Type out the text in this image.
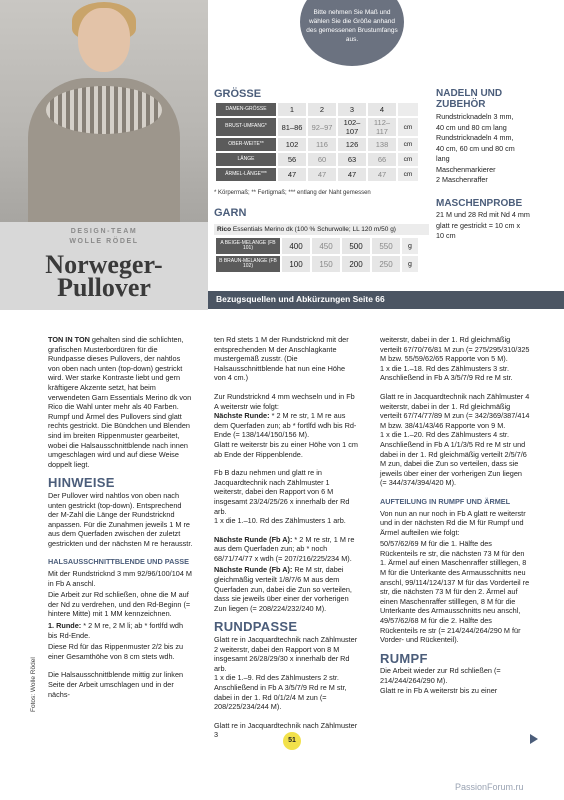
DESIGN-TEAM
WOLLE RÖDEL
Norweger-
Pullover
Bitte nehmen Sie Maß und wählen Sie die Größe anhand des gemessenen Brustumfangs aus.
GRÖSSE
DAMEN-GRÖSSE	1	2	3	4	
BRUST-UMFANG*	81–86	92–97	102–107	112–117	cm
OBER-WEITE**	102	116	126	138	cm
LÄNGE	56	60	63	66	cm
ÄRMEL-LÄNGE***	47	47	47	47	cm
* Körpermaß; ** Fertigmaß; *** entlang der Naht gemessen
GARN
Rico Essentials Merino dk (100 % Schurwolle; LL 120 m/50 g)
A BEIGE-MELANGE (FB 101)	400	450	500	550	g
B BRAUN-MELANGE (FB 102)	100	150	200	250	g
NADELN UND
ZUBEHÖR
Rundstricknadeln 3 mm,
40 cm und 80 cm lang
Rundstricknadeln 4 mm,
40 cm, 60 cm und 80 cm
lang
Maschenmarkierer
2 Maschenraffer
MASCHENPROBE
21 M und 28 Rd mit Nd 4 mm
glatt re gestrickt = 10 cm x
10 cm
Bezugsquellen und Abkürzungen Seite 66

TON IN TON gehalten sind die schlichten, grafischen Musterbordüren für die Rundpasse dieses Pullovers, der nahtlos von oben nach unten (top-down) gestrickt wird. Wer starke Kontraste liebt und gern kräftigere Akzente setzt, hat beim verwendeten Garn Essentials Merino dk von Rico die Wahl unter mehr als 40 Farben. Rumpf und Ärmel des Pullovers sind glatt rechts gestrickt. Die Bündchen und Blenden sind im breiten Rippenmuster gearbeitet, wobei die Halsausschnittblende nach innen umgeschlagen wird und auf diese Weise doppelt liegt.

HINWEISE

Der Pullover wird nahtlos von oben nach unten gestrickt (top-down). Entsprechend der M-Zahl die Länge der Rundstricknd anpassen. Für die Zunahmen jeweils 1 M re aus dem Querfaden zwischen der zuletzt gestrickten und der nächsten M re herausstr.

HALSAUSSCHNITTBLENDE UND PASSE

Mit der Rundstricknd 3 mm 92/96/100/104 M in Fb A anschl.

Die Arbeit zur Rd schließen, ohne die M auf der Nd zu verdrehen, und den Rd-Beginn (= hintere Mitte) mit 1 MM kennzeichnen.

1. Runde: * 2 M re, 2 M li; ab * fortlfd wdh bis Rd-Ende.

Diese Rd für das Rippenmuster 2/2 bis zu einer Gesamthöhe von 8 cm stets wdh.

Die Halsausschnittblende mittig zur linken Seite der Arbeit umschlagen und in der nächs-

ten Rd stets 1 M der Rundstricknd mit der entsprechenden M der Anschlagkante mustergemäß zusstr. (Die Halsausschnittblende hat nun eine Höhe von 4 cm.)

Zur Rundstricknd 4 mm wechseln und in Fb A weiterstr wie folgt:
Nächste Runde: * 2 M re str, 1 M re aus dem Querfaden zun; ab * fortlfd wdh bis Rd-Ende (= 138/144/150/156 M).
Glatt re weiterstr bis zu einer Höhe von 1 cm ab Ende der Rippenblende.

Fb B dazu nehmen und glatt re in Jacquardtechnik nach Zählmuster 1 weiterstr, dabei den Rapport von 6 M insgesamt 23/24/25/26 x innerhalb der Rd arb.
1 x die 1.–10. Rd des Zählmusters 1 arb.

Nächste Runde (Fb A): * 2 M re str, 1 M re aus dem Querfaden zun; ab * noch 68/71/74/77 x wdh (= 207/216/225/234 M).

Nächste Runde (Fb A): Re M str, dabei gleichmäßig verteilt 1/8/7/6 M aus dem Querfaden zun, dabei die Zun so verteilen, dass sie jeweils über einer der vorherigen Zun liegen (= 208/224/232/240 M).

RUNDPASSE

Glatt re in Jacquardtechnik nach Zählmuster 2 weiterstr, dabei den Rapport von 8 M insgesamt 26/28/29/30 x innerhalb der Rd arb.
1 x die 1.–9. Rd des Zählmusters 2 str.
Anschließend in Fb A 3/5/7/9 Rd re M str, dabei in der 1. Rd 0/1/2/4 M zun (= 208/225/234/244 M).

Glatt re in Jacquardtechnik nach Zählmuster 3

weiterstr, dabei in der 1. Rd gleichmäßig verteilt 67/70/76/81 M zun (= 275/295/310/325 M bzw. 55/59/62/65 Rapporte von 5 M).
1 x die 1.–18. Rd des Zählmusters 3 str. Anschließend in Fb A 3/5/7/9 Rd re M str.

Glatt re in Jacquardtechnik nach Zählmuster 4 weiterstr, dabei in der 1. Rd gleichmäßig verteilt 67/74/77/89 M zun (= 342/369/387/414 M bzw. 38/41/43/46 Rapporte von 9 M.
1 x die 1.–20. Rd des Zählmusters 4 str. Anschließend in Fb A 1/1/3/5 Rd re M str und dabei in der 1. Rd gleichmäßig verteilt 2/5/7/6 M zun, dabei die Zun so verteilen, dass sie jeweils über einer der vorherigen Zun liegen (= 344/374/394/420 M).

AUFTEILUNG IN RUMPF UND ÄRMEL

Von nun an nur noch in Fb A glatt re weiterstr und in der nächsten Rd die M für Rumpf und Ärmel aufteilen wie folgt:

50/57/62/69 M für die 1. Hälfte des Rückenteils re str, die nächsten 73 M für den 1. Ärmel auf einen Maschenraffer stilllegen, 8 M für die Unterkante des Armausschnitts neu anschl, 99/114/124/137 M für das Vorderteil re str, die nächsten 73 M für den 2. Ärmel auf einen Maschenraffer stilllegen, 8 M für die Unterkante des Armausschnitts neu anschl, 49/57/62/68 M für die 2. Hälfte des Rückenteils re str (= 214/244/264/290 M für Vorder- und Rückenteil).

RUMPF

Die Arbeit wieder zur Rd schließen (= 214/244/264/290 M).
Glatt re in Fb A weiterstr bis zu einer

Fotos: Wolle Rödel
51
PassionForum.ru
